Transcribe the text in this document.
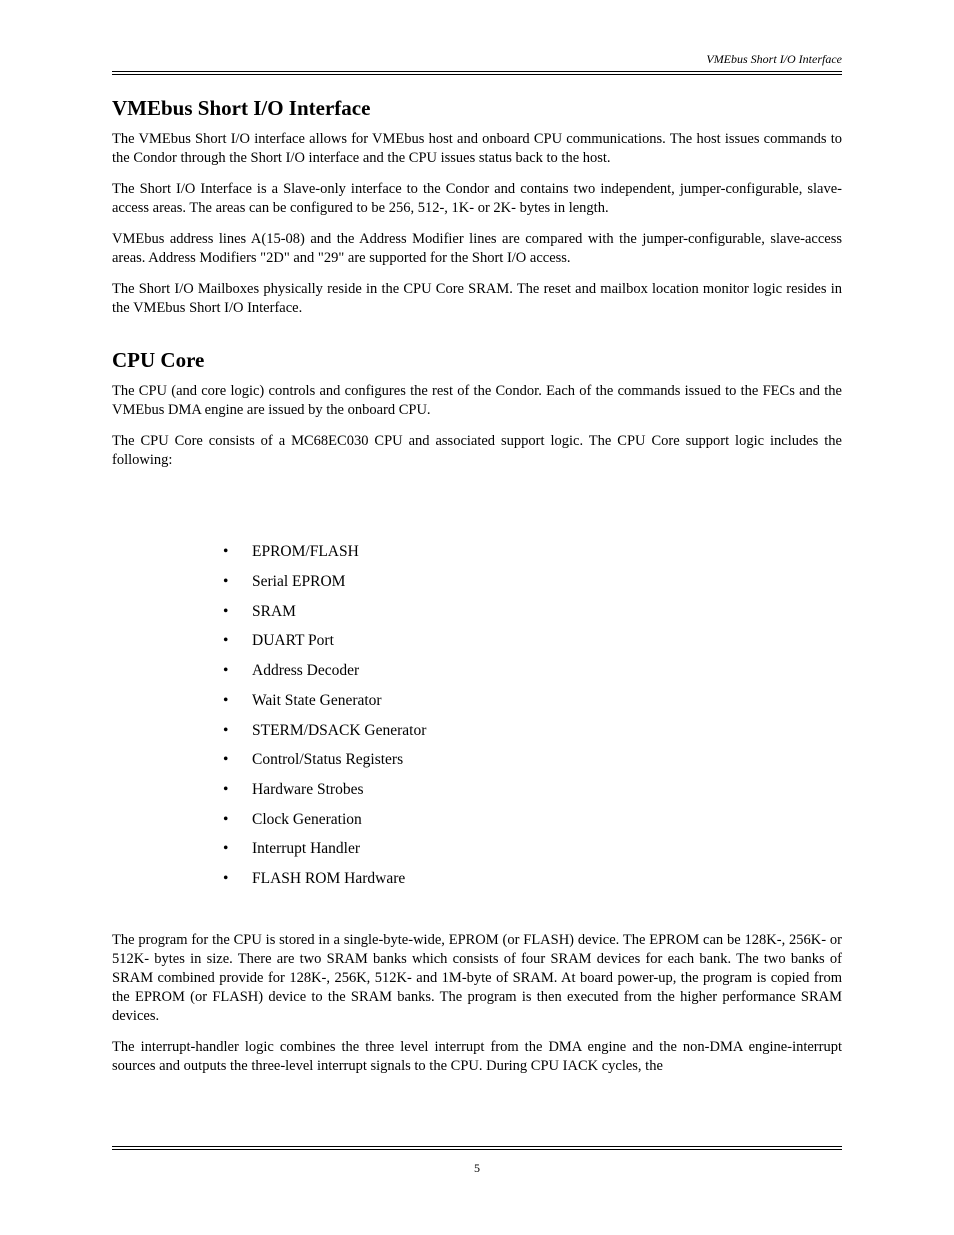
VMEbus Short I/O Interface
VMEbus Short I/O Interface

The VMEbus Short I/O interface allows for VMEbus host and onboard CPU communications. The host issues commands to the Condor through the Short I/O interface and the CPU issues status back to the host.

The Short I/O Interface is a Slave-only interface to the Condor and contains two independent, jumper-configurable, slave-access areas. The areas can be configured to be 256, 512-, 1K- or 2K- bytes in length.

VMEbus address lines A(15-08) and the Address Modifier lines are compared with the jumper-configurable, slave-access areas. Address Modifiers "2D" and "29" are supported for the Short I/O access.

The Short I/O Mailboxes physically reside in the CPU Core SRAM. The reset and mailbox location monitor logic resides in the VMEbus Short I/O Interface.

CPU Core

The CPU (and core logic) controls and configures the rest of the Condor. Each of the commands issued to the FECs and the VMEbus DMA engine are issued by the onboard CPU.

The CPU Core consists of a MC68EC030 CPU and associated support logic. The CPU Core support logic includes the following:

•	EPROM/FLASH
•	Serial EPROM
•	SRAM
•	DUART Port
•	Address Decoder
•	Wait State Generator
•	STERM/DSACK Generator
•	Control/Status Registers
•	Hardware Strobes
•	Clock Generation
•	Interrupt Handler
•	FLASH ROM Hardware

The program for the CPU is stored in a single-byte-wide, EPROM (or FLASH) device. The EPROM can be 128K-, 256K- or 512K- bytes in size. There are two SRAM banks which consists of four SRAM devices for each bank. The two banks of SRAM combined provide for 128K-, 256K, 512K- and 1M-byte of SRAM. At board power-up, the program is copied from the EPROM (or FLASH) device to the SRAM banks. The program is then executed from the higher performance SRAM devices.

The interrupt-handler logic combines the three level interrupt from the DMA engine and the non-DMA engine-interrupt sources and outputs the three-level interrupt signals to the CPU. During CPU IACK cycles, the

5
